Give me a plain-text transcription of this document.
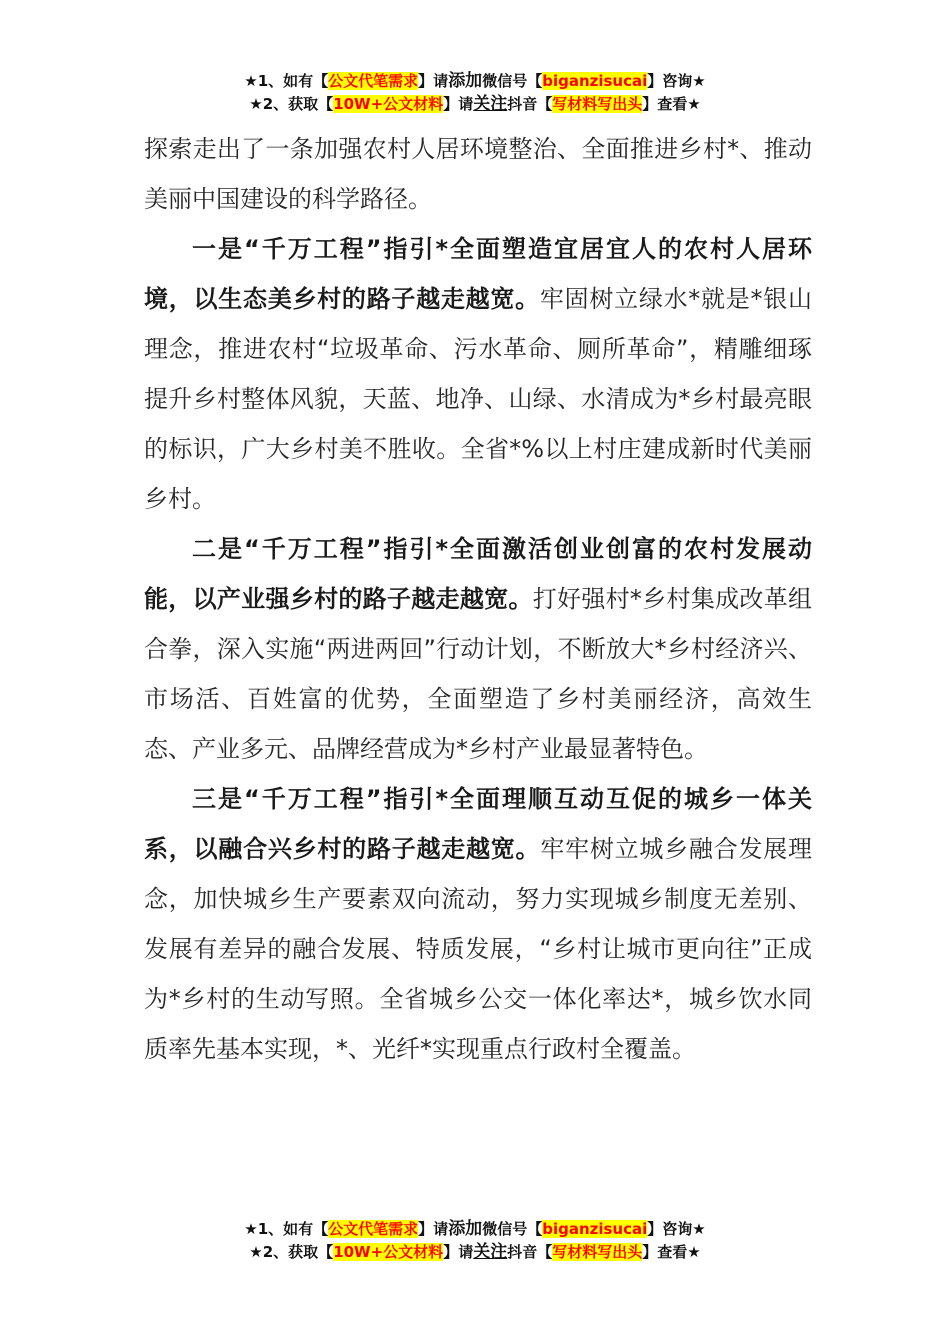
★1、如有【公文代笔需求】请添加微信号【biganzisucai】咨询★
★2、获取【10W+公文材料】请关注抖音【写材料写出头】查看★

探索走出了一条加强农村人居环境整治、全面推进乡村*、推动美丽中国建设的科学路径。

一是“千万工程”指引*全面塑造宜居宜人的农村人居环境，以生态美乡村的路子越走越宽。牢固树立绿水*就是*银山理念，推进农村“垃圾革命、污水革命、厕所革命”，精雕细琢提升乡村整体风貌，天蓝、地净、山绿、水清成为*乡村最亮眼的标识，广大乡村美不胜收。全省*%以上村庄建成新时代美丽乡村。

二是“千万工程”指引*全面激活创业创富的农村发展动能，以产业强乡村的路子越走越宽。打好强村*乡村集成改革组合拳，深入实施“两进两回”行动计划，不断放大*乡村经济兴、市场活、百姓富的优势，全面塑造了乡村美丽经济，高效生态、产业多元、品牌经营成为*乡村产业最显著特色。

三是“千万工程”指引*全面理顺互动互促的城乡一体关系，以融合兴乡村的路子越走越宽。牢牢树立城乡融合发展理念，加快城乡生产要素双向流动，努力实现城乡制度无差别、发展有差异的融合发展、特质发展，“乡村让城市更向往”正成为*乡村的生动写照。全省城乡公交一体化率达*，城乡饮水同质率先基本实现，*、光纤*实现重点行政村全覆盖。

★1、如有【公文代笔需求】请添加微信号【biganzisucai】咨询★
★2、获取【10W+公文材料】请关注抖音【写材料写出头】查看★
